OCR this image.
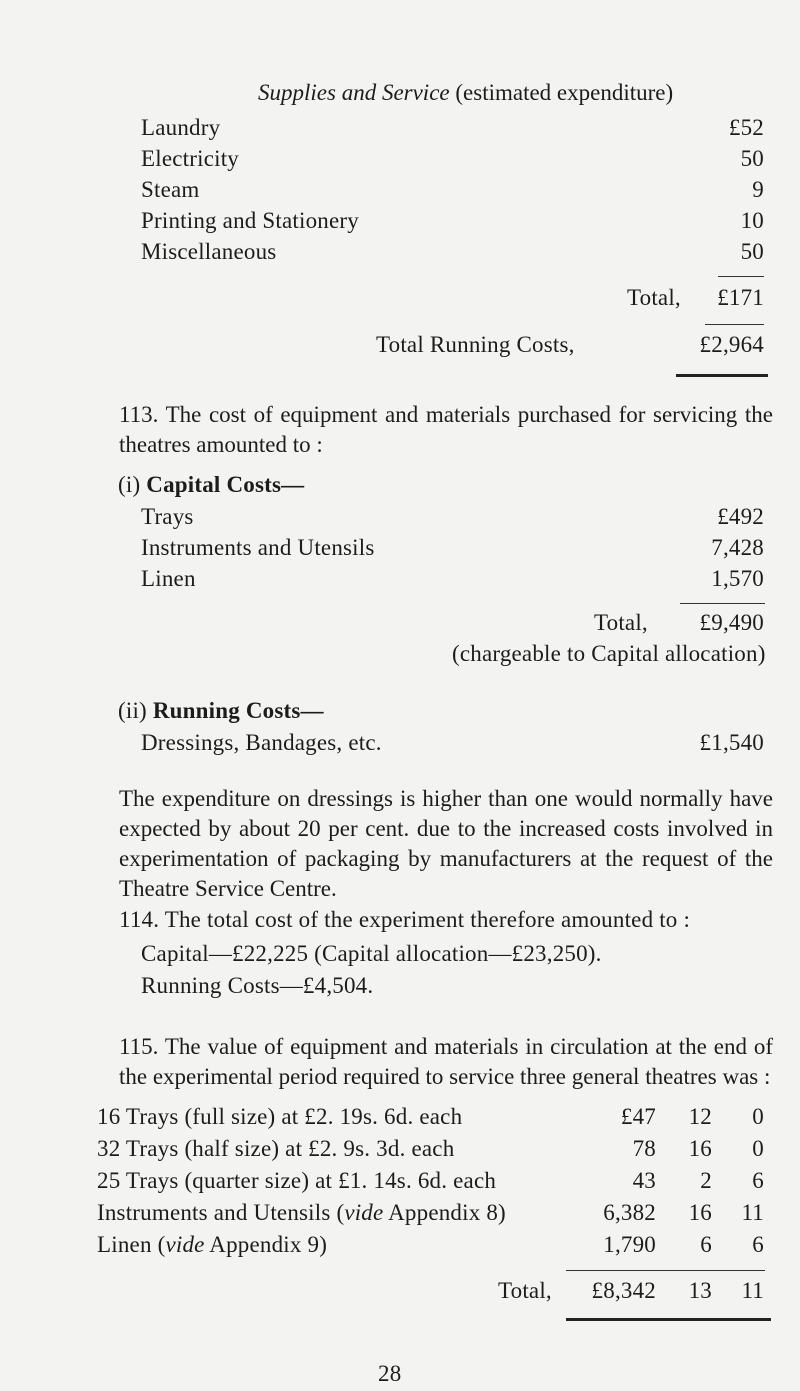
Supplies and Service (estimated expenditure)
Laundry	£52
Electricity	50
Steam	9
Printing and Stationery	10
Miscellaneous	50
Total, £171
Total Running Costs,	£2,964
113. The cost of equipment and materials purchased for servicing the theatres amounted to :
(i) Capital Costs—
Trays	£492
Instruments and Utensils	7,428
Linen	1,570
Total, £9,490
(chargeable to Capital allocation)
(ii) Running Costs—
Dressings, Bandages, etc.	£1,540
The expenditure on dressings is higher than one would normally have expected by about 20 per cent. due to the increased costs involved in experimentation of packaging by manufacturers at the request of the Theatre Service Centre.
114. The total cost of the experiment therefore amounted to :
Capital—£22,225 (Capital allocation—£23,250).
Running Costs—£4,504.
115. The value of equipment and materials in circulation at the end of the experimental period required to service three general theatres was :
16 Trays (full size) at £2. 19s. 6d. each	£47 12 0
32 Trays (half size) at £2. 9s. 3d. each	78 16 0
25 Trays (quarter size) at £1. 14s. 6d. each	43 2 6
Instruments and Utensils (vide Appendix 8)	6,382 16 11
Linen (vide Appendix 9)	1,790 6 6
Total, £8,342 13 11
28
